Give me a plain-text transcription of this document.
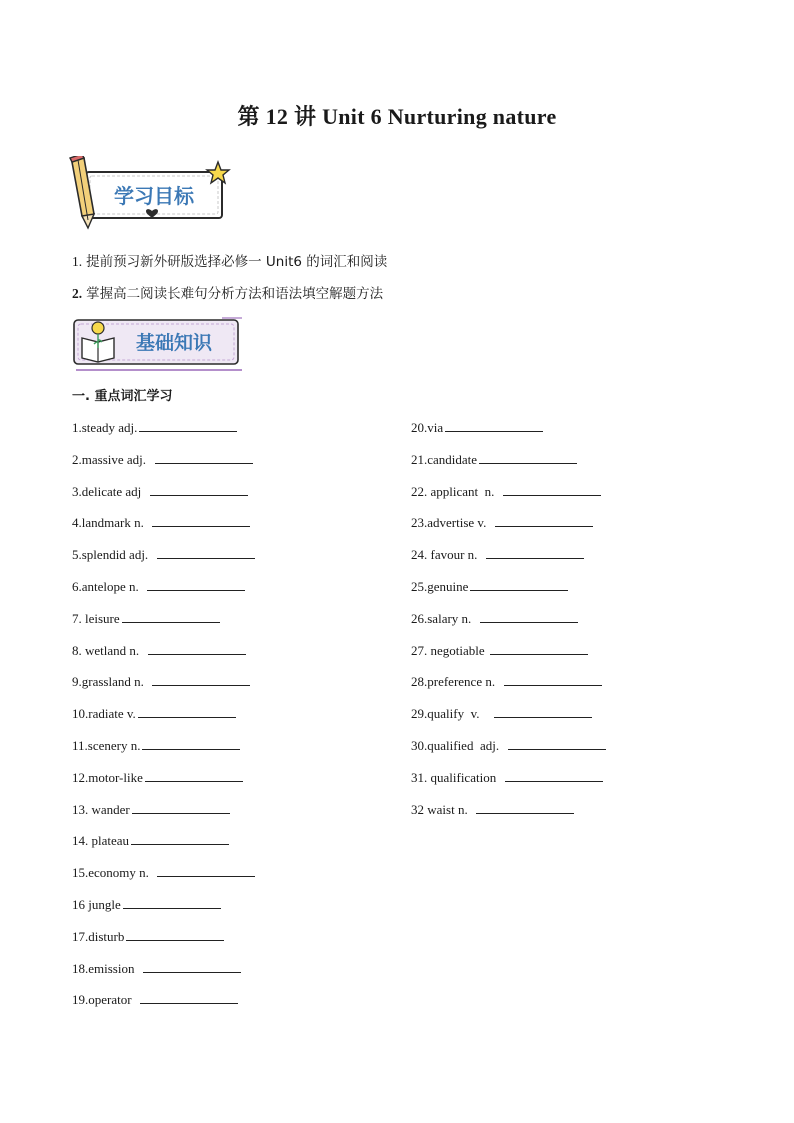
第 12 讲 Unit 6 Nurturing nature
学习目标
1. 提前预习新外研版选择必修一 Unit6 的词汇和阅读
2. 掌握高二阅读长难句分析方法和语法填空解题方法
基础知识
一. 重点词汇学习
1.steady adj.
2.massive adj.
3.delicate adj
4.landmark n.
5.splendid adj.
6.antelope n.
7. leisure
8. wetland n.
9.grassland n.
10.radiate v.
11.scenery n.
12.motor-like
13. wander
14. plateau
15.economy n.
16 jungle
17.disturb
18.emission
19.operator
20.via
21.candidate
22. applicant  n.
23.advertise v.
24. favour n.
25.genuine
26.salary n.
27. negotiable
28.preference n.
29.qualify  v.
30.qualified  adj.
31. qualification
32 waist n.
